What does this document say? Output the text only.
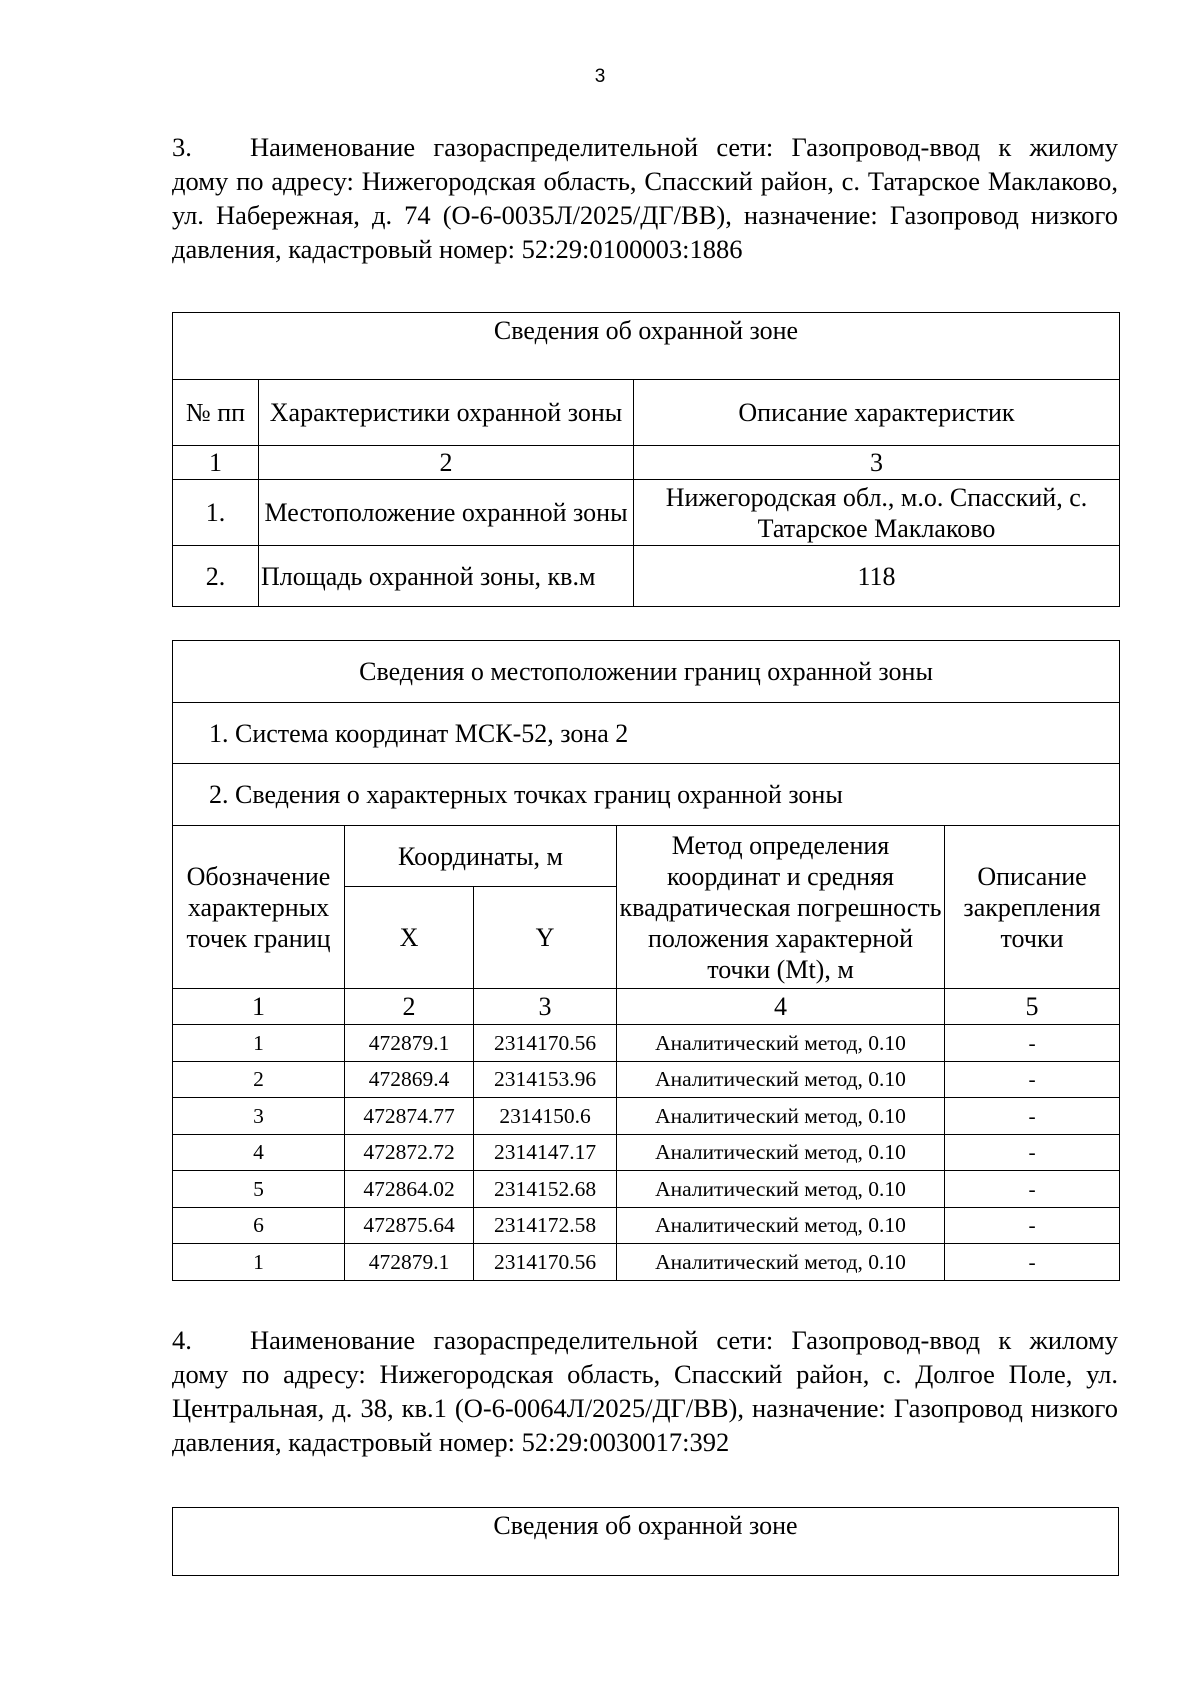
3
3. Наименование газораспределительной сети: Газопровод-ввод к жилому дому по адресу: Нижегородская область, Спасский район, с. Татарское Маклаково, ул. Набережная, д. 74 (О-6-0035Л/2025/ДГ/ВВ), назначение: Газопровод низкого давления, кадастровый номер: 52:29:0100003:1886
Сведения об охранной зоне		
№ пп	Характеристики охранной зоны	Описание характеристик
1	2	3
1.	Местоположение охранной зоны	Нижегородская обл., м.о. Спасский, с. Татарское Маклаково
2.	Площадь охранной зоны, кв.м	118
Сведения о местоположении границ охранной зоны				
1. Система координат МСК-52, зона 2				
2. Сведения о характерных точках границ охранной зоны				
Обозначение характерных точек границ	Координаты, м		Метод определения координат и средняя квадратическая погрешность положения характерной точки (Mt), м	Описание закрепления точки
	X	Y		
1	2	3	4	5
1	472879.1	2314170.56	Аналитический метод, 0.10	-
2	472869.4	2314153.96	Аналитический метод, 0.10	-
3	472874.77	2314150.6	Аналитический метод, 0.10	-
4	472872.72	2314147.17	Аналитический метод, 0.10	-
5	472864.02	2314152.68	Аналитический метод, 0.10	-
6	472875.64	2314172.58	Аналитический метод, 0.10	-
1	472879.1	2314170.56	Аналитический метод, 0.10	-
4. Наименование газораспределительной сети: Газопровод-ввод к жилому дому по адресу: Нижегородская область, Спасский район, с. Долгое Поле, ул. Центральная, д. 38, кв.1 (О-6-0064Л/2025/ДГ/ВВ), назначение: Газопровод низкого давления, кадастровый номер: 52:29:0030017:392
Сведения об охранной зоне
